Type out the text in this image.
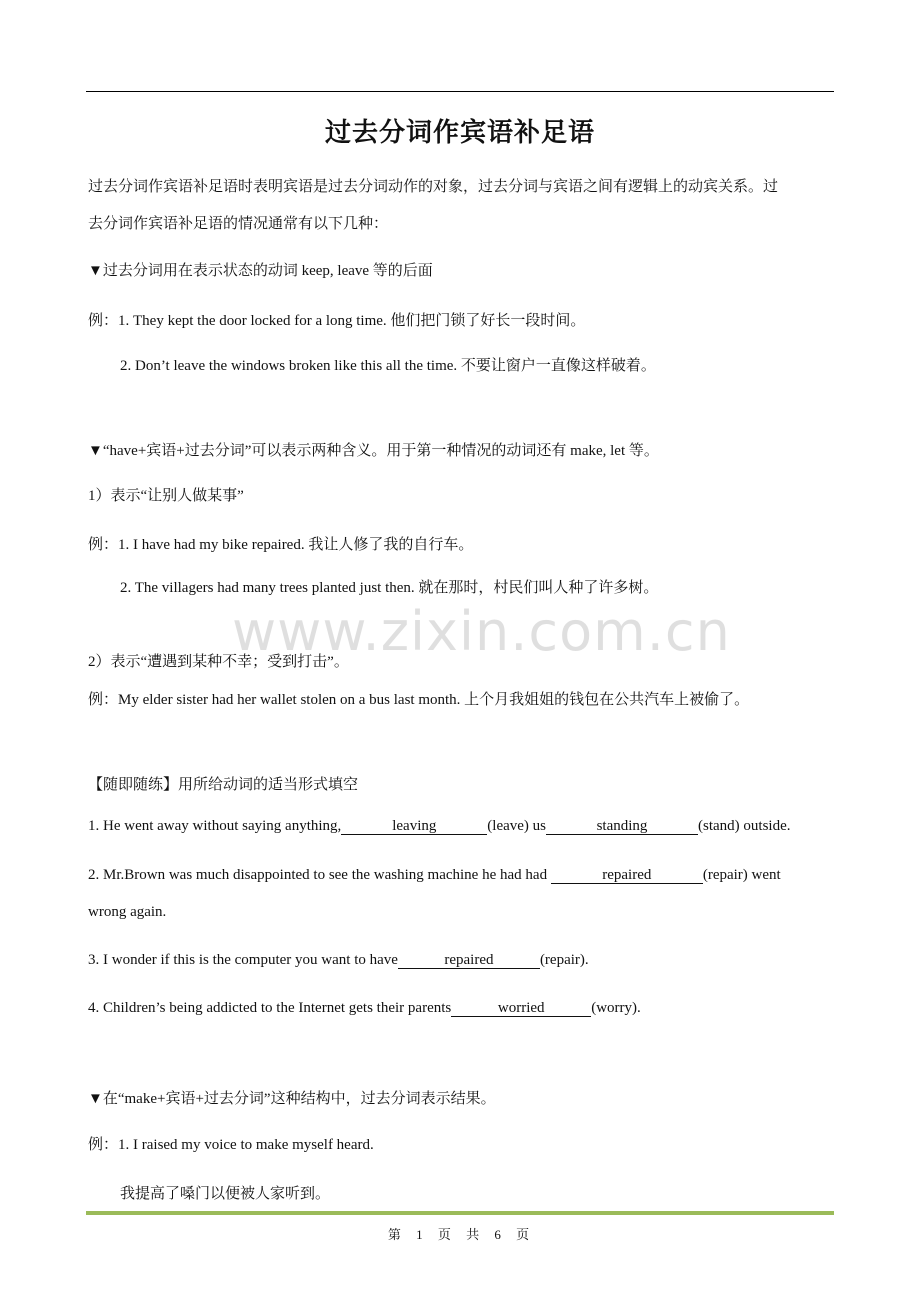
过去分词作宾语补足语
过去分词作宾语补足语时表明宾语是过去分词动作的对象，过去分词与宾语之间有逻辑上的动宾关系。过
去分词作宾语补足语的情况通常有以下几种：
▼过去分词用在表示状态的动词 keep, leave 等的后面
例：1. They kept the door locked for a long time. 他们把门锁了好长一段时间。
2. Don’t leave the windows broken like this all the time. 不要让窗户一直像这样破着。
▼“have+宾语+过去分词”可以表示两种含义。用于第一种情况的动词还有 make, let 等。
1）表示“让别人做某事”
例：1. I have had my bike repaired. 我让人修了我的自行车。
2. The villagers had many trees planted just then. 就在那时，村民们叫人种了许多树。
www.zixin.com.cn
2）表示“遭遇到某种不幸；受到打击”。
例：My elder sister had her wallet stolen on a bus last month. 上个月我姐姐的钱包在公共汽车上被偷了。
【随即随练】用所给动词的适当形式填空
1. He went away without saying anything,	leaving	(leave) us	standing	(stand) outside.
2. Mr.Brown was much disappointed to see the washing machine he had had	repaired	(repair) went
wrong again.
3. I wonder if this is the computer you want to have	repaired	(repair).
4. Children’s being addicted to the Internet gets their parents	worried	(worry).
▼在“make+宾语+过去分词”这种结构中，过去分词表示结果。
例：1. I raised my voice to make myself heard.
我提高了嗓门以便被人家听到。
第 1 页 共 6 页
